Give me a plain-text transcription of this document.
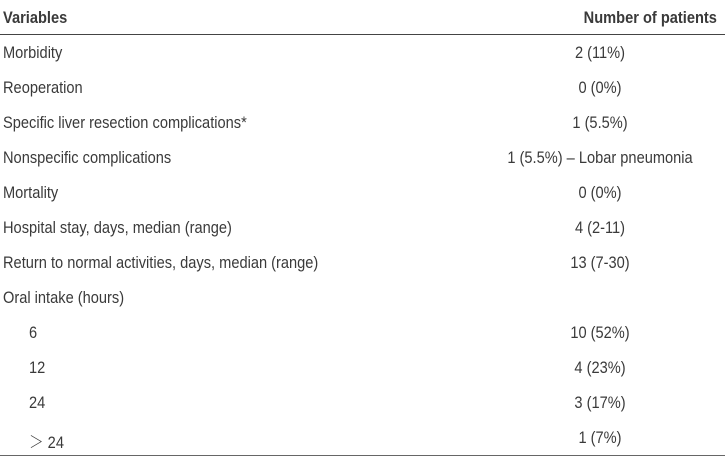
Variables	Number of patients
Morbidity	2 (11%)
Reoperation	0 (0%)
Specific liver resection complications*	1 (5.5%)
Nonspecific complications	1 (5.5%) – Lobar pneumonia
Mortality	0 (0%)
Hospital stay, days, median (range)	4 (2-11)
Return to normal activities, days, median (range)	13 (7-30)
Oral intake (hours)
6	10 (52%)
12	4 (23%)
24	3 (17%)
＞ 24	1 (7%)
